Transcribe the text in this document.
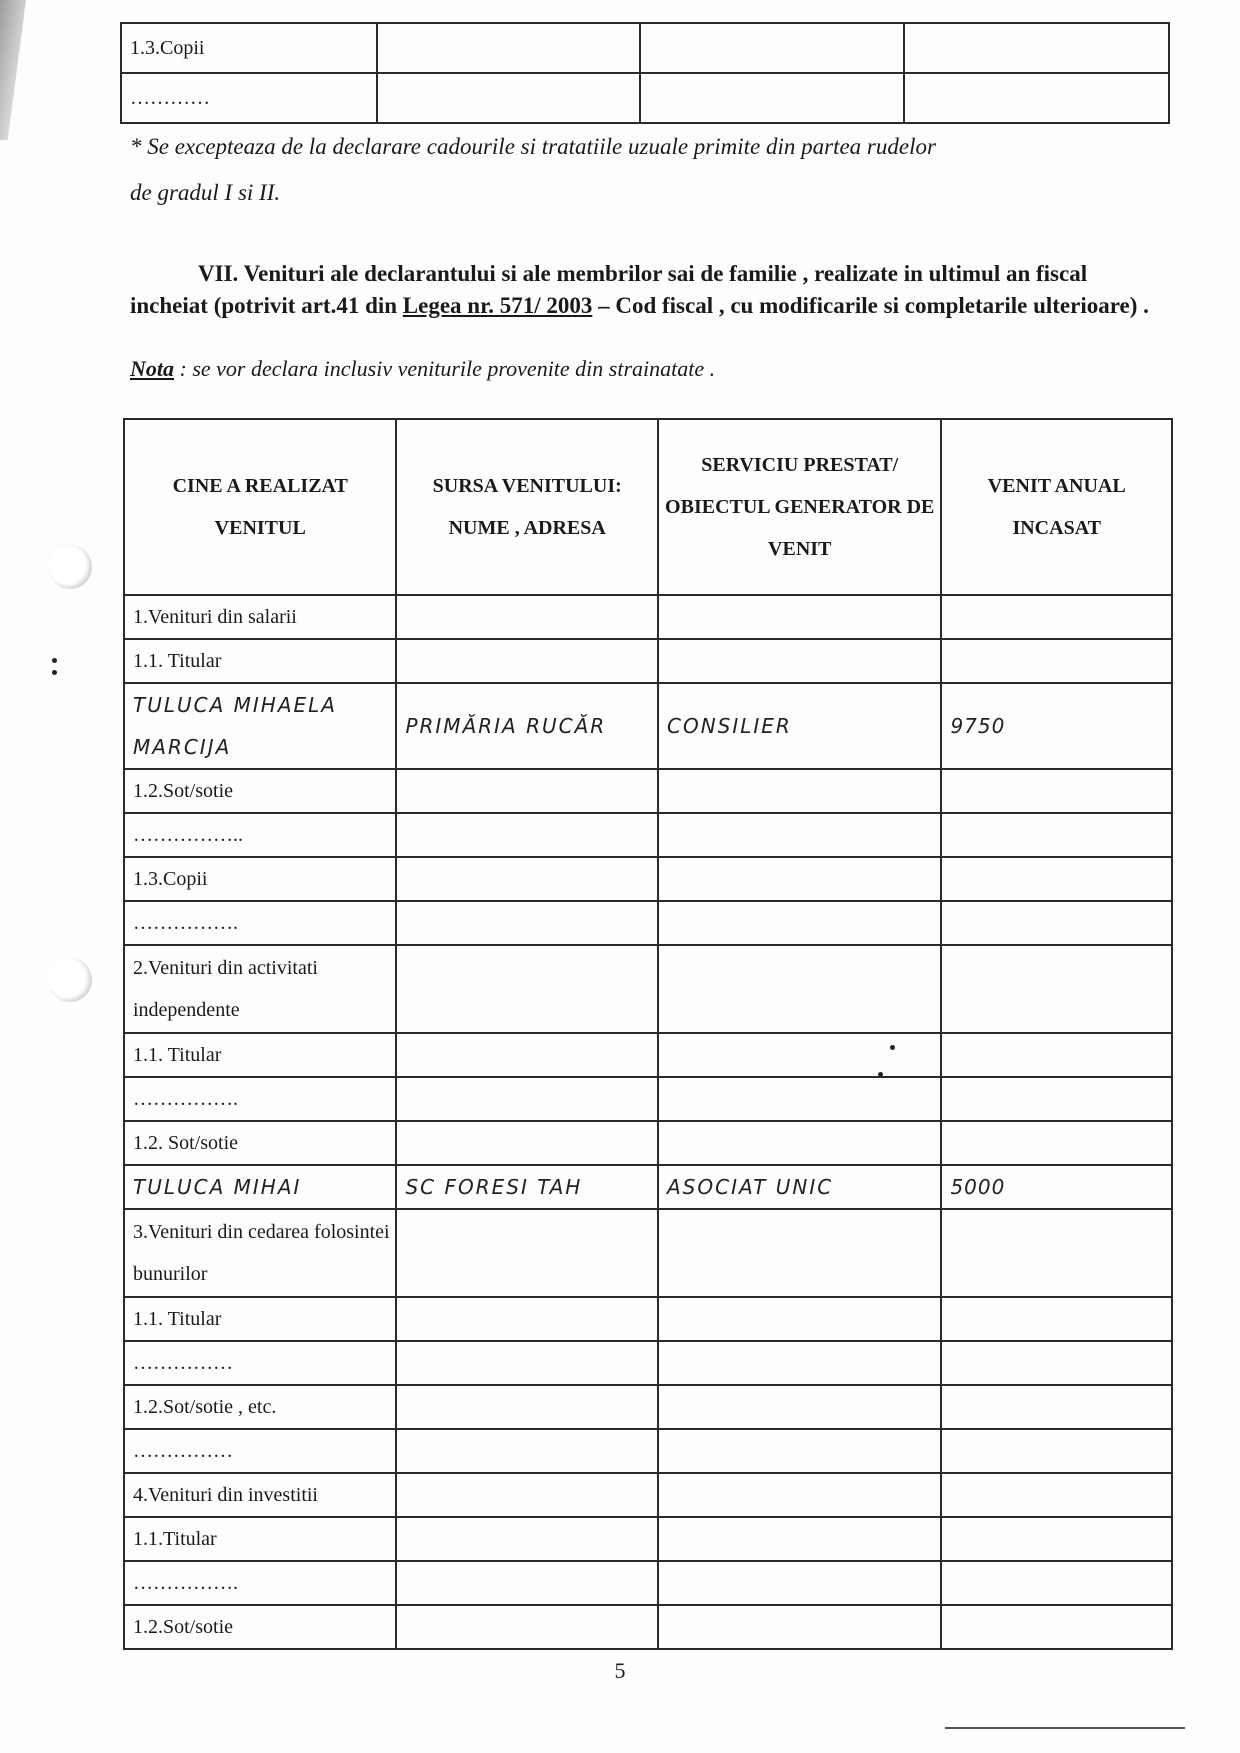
1.3.Copii			
…………			
* Se excepteaza de la declarare cadourile si tratatiile uzuale primite din partea rudelor
de gradul I si II.
VII. Venituri ale declarantului si ale membrilor sai de familie , realizate in ultimul an fiscal incheiat (potrivit art.41 din Legea nr. 571/ 2003 – Cod fiscal , cu modificarile si completarile ulterioare) .
Nota : se vor declara inclusiv veniturile provenite din strainatate .
CINE A REALIZAT VENITUL	SURSA VENITULUI: NUME , ADRESA	SERVICIU PRESTAT/ OBIECTUL GENERATOR DE VENIT	VENIT ANUAL INCASAT
1.Venituri din salarii			
1.1. Titular			
TULUCA MIHAELA MARCIJA	PRIMĂRIA RUCĂR	CONSILIER	9750
1.2.Sot/sotie			
……………..			
1.3.Copii			
…………….			
2.Venituri din activitati independente			
1.1. Titular			
…………….			
1.2. Sot/sotie			
TULUCA MIHAI	SC FORESI TAH	ASOCIAT UNIC	5000
3.Venituri din cedarea folosintei bunurilor			
1.1. Titular			
……………			
1.2.Sot/sotie , etc.			
……………			
4.Venituri din investitii			
1.1.Titular			
…………….			
1.2.Sot/sotie			
5
